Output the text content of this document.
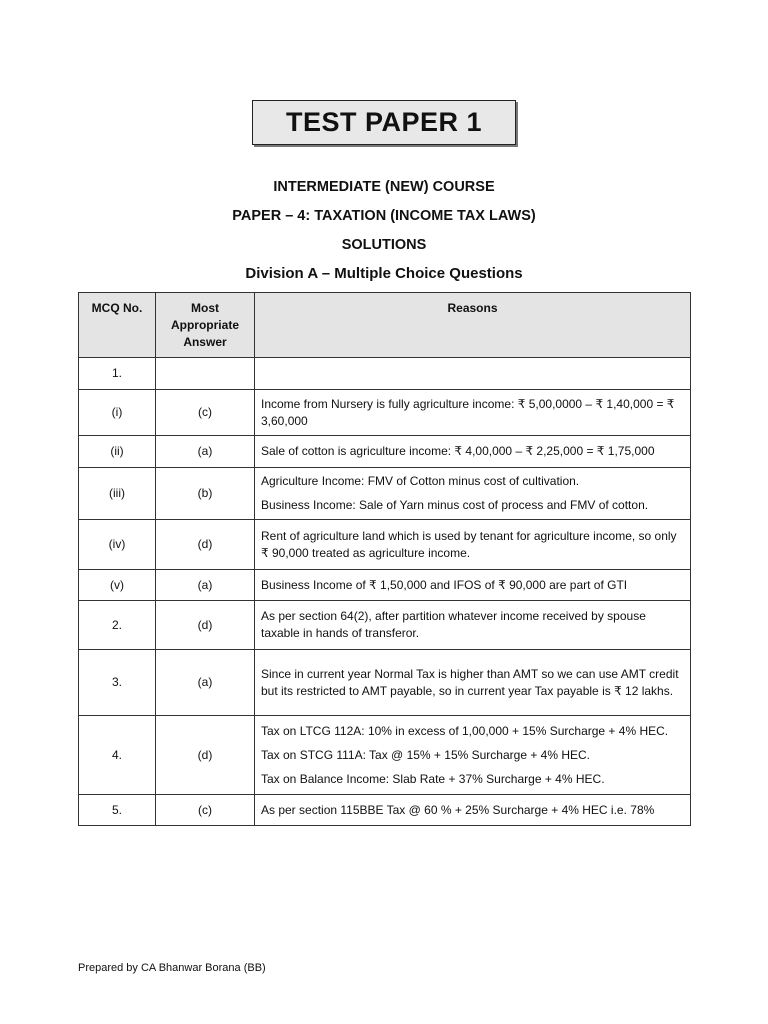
TEST PAPER 1
INTERMEDIATE (NEW) COURSE
PAPER – 4: TAXATION (INCOME TAX LAWS)
SOLUTIONS
Division A – Multiple Choice Questions
MCQ No.	Most Appropriate Answer	Reasons
1.		
(i)	(c)	Income from Nursery is fully agriculture income: ₹ 5,00,0000 – ₹ 1,40,000 = ₹ 3,60,000

(ii)	(a)	Sale of cotton is agriculture income: ₹ 4,00,000 – ₹ 2,25,000 = ₹ 1,75,000

(iii)	(b)	Agriculture Income: FMV of Cotton minus cost of cultivation.

Business Income: Sale of Yarn minus cost of process and FMV of cotton.

(iv)	(d)	Rent of agriculture land which is used by tenant for agriculture income, so only ₹ 90,000 treated as agriculture income.

(v)	(a)	Business Income of ₹ 1,50,000 and IFOS of ₹ 90,000 are part of GTI

2.	(d)	As per section 64(2), after partition whatever income received by spouse taxable in hands of transferor.

3.	(a)	Since in current year Normal Tax is higher than AMT so we can use AMT credit but its restricted to AMT payable, so in current year Tax payable is ₹ 12 lakhs.

4.	(d)	Tax on LTCG 112A: 10% in excess of 1,00,000 + 15% Surcharge + 4% HEC.

Tax on STCG 111A: Tax @ 15% + 15% Surcharge + 4% HEC.

Tax on Balance Income: Slab Rate + 37% Surcharge + 4% HEC.

5.	(c)	As per section 115BBE Tax @ 60 % + 25% Surcharge + 4% HEC i.e. 78%

Prepared by CA Bhanwar Borana (BB)
